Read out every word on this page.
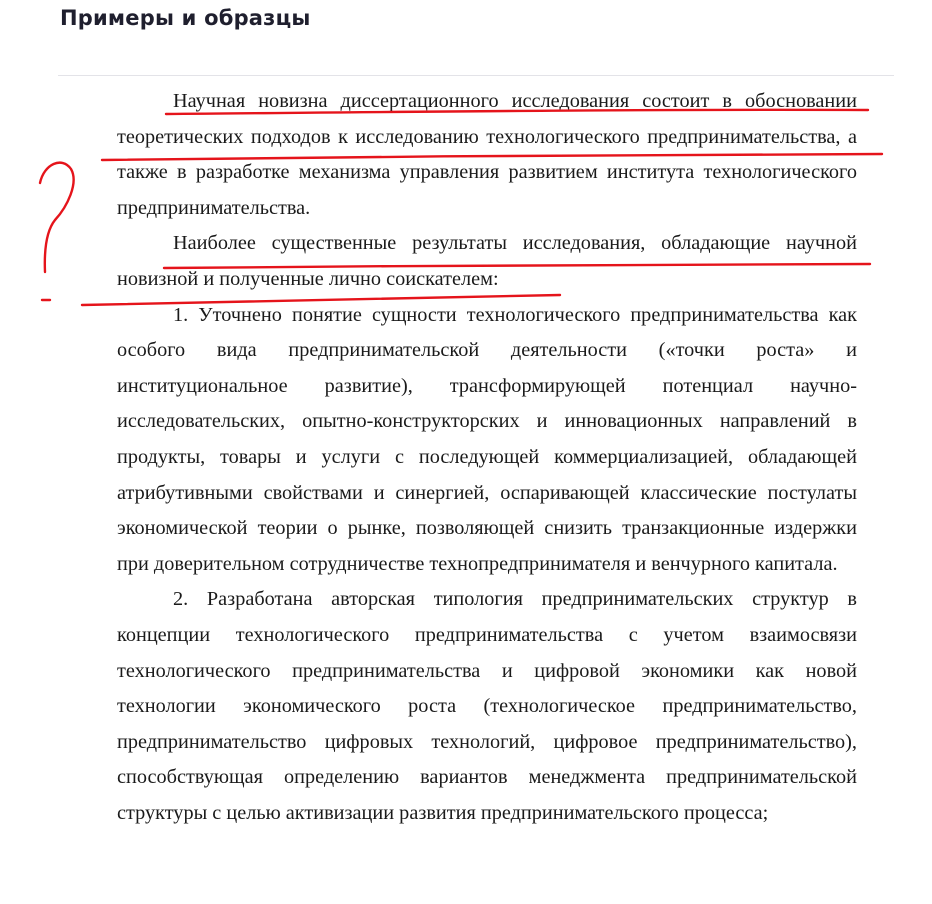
Примеры и образцы

Научная новизна диссертационного исследования состоит в обосновании теоретических подходов к исследованию технологического предпринимательства, а также в разработке механизма управления развитием института технологического предпринимательства.

Наиболее существенные результаты исследования, обладающие научной новизной и полученные лично соискателем:

1. Уточнено понятие сущности технологического предпринимательства как особого вида предпринимательской деятельности («точки роста» и институциональное развитие), трансформирующей потенциал научно-исследовательских, опытно-конструкторских и инновационных направлений в продукты, товары и услуги с последующей коммерциализацией, обладающей атрибутивными свойствами и синергией, оспаривающей классические постулаты экономической теории о рынке, позволяющей снизить транзакционные издержки при доверительном сотрудничестве технопредпринимателя и венчурного капитала.

2. Разработана авторская типология предпринимательских структур в концепции технологического предпринимательства с учетом взаимосвязи технологического предпринимательства и цифровой экономики как новой технологии экономического роста (технологическое предпринимательство, предпринимательство цифровых технологий, цифровое предпринимательство), способствующая определению вариантов менеджмента предпринимательской структуры с целью активизации развития предпринимательского процесса;
